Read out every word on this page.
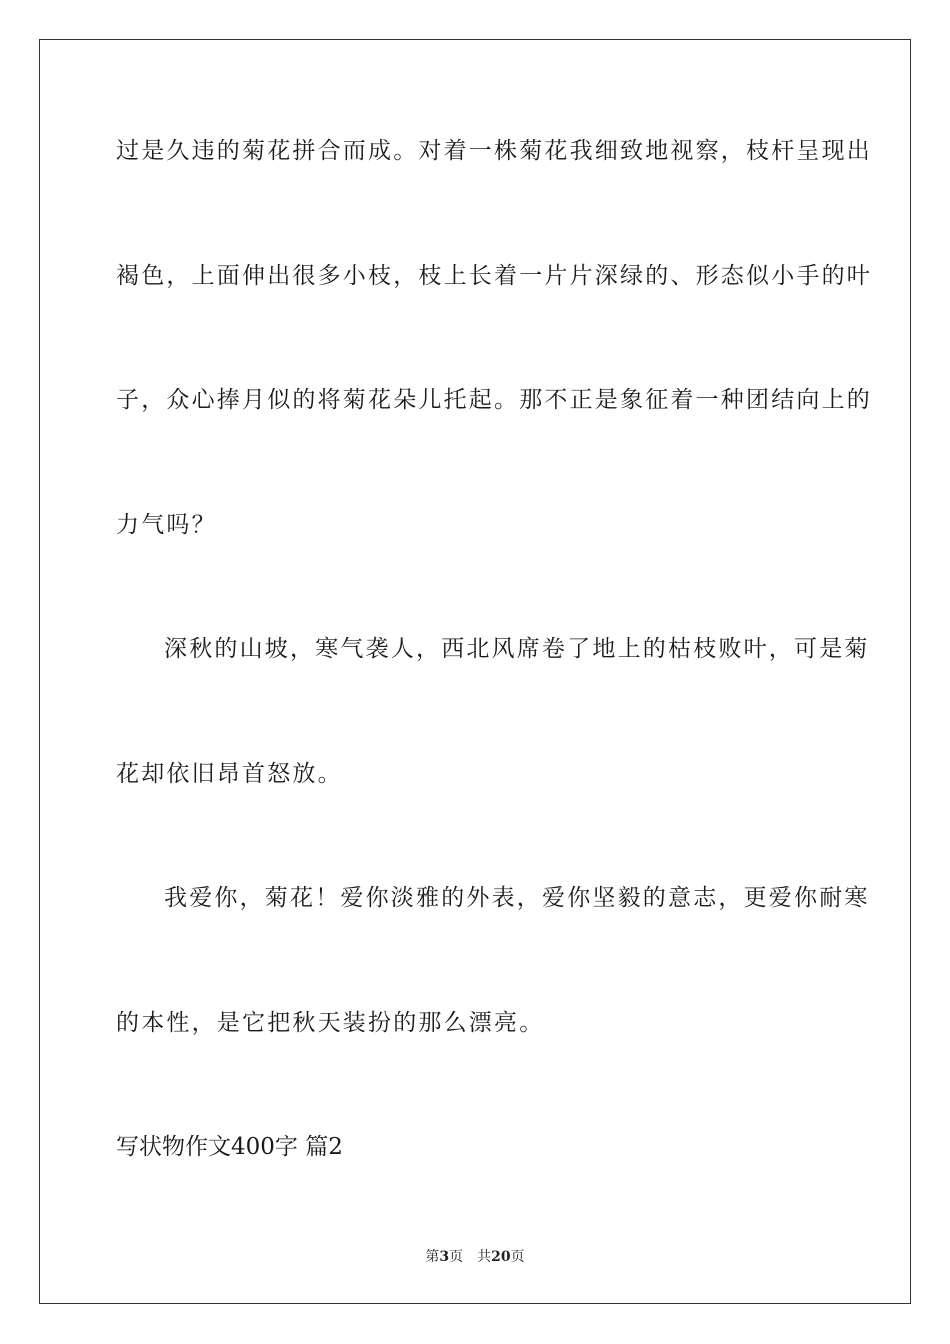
过是久违的菊花拼合而成。对着一株菊花我细致地视察，枝杆呈现出
褐色，上面伸出很多小枝，枝上长着一片片深绿的、形态似小手的叶
子，众心捧月似的将菊花朵儿托起。那不正是象征着一种团结向上的
力气吗？
深秋的山坡，寒气袭人，西北风席卷了地上的枯枝败叶，可是菊
花却依旧昂首怒放。
我爱你，菊花！爱你淡雅的外表，爱你坚毅的意志，更爱你耐寒
的本性，是它把秋天装扮的那么漂亮。
写状物作文400字 篇2
第3页 共20页
